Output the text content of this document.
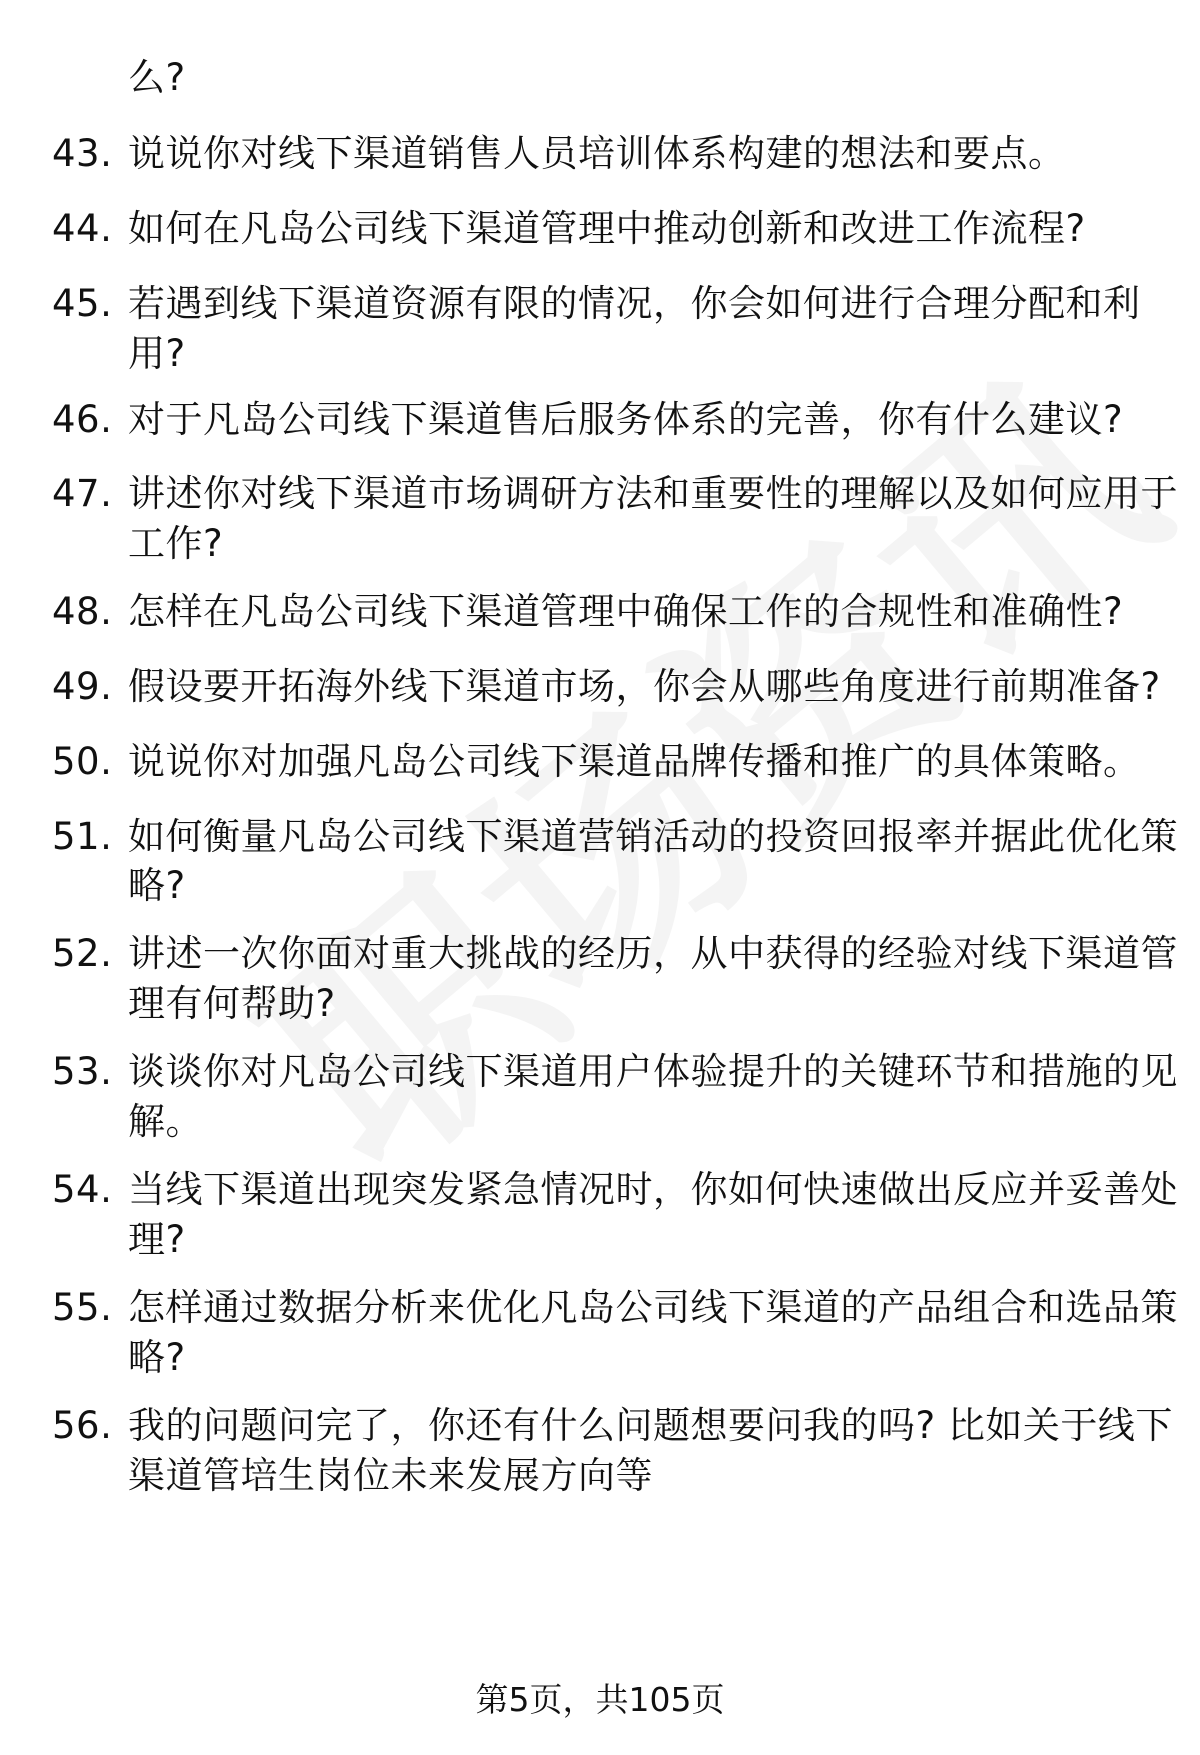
么?
43. 说说你对线下渠道销售人员培训体系构建的想法和要点。
44. 如何在凡岛公司线下渠道管理中推动创新和改进工作流程?
45. 若遇到线下渠道资源有限的情况，你会如何进行合理分配和利
用?
46. 对于凡岛公司线下渠道售后服务体系的完善，你有什么建议?
47. 讲述你对线下渠道市场调研方法和重要性的理解以及如何应用于
工作?
48. 怎样在凡岛公司线下渠道管理中确保工作的合规性和准确性?
49. 假设要开拓海外线下渠道市场，你会从哪些角度进行前期准备?
50. 说说你对加强凡岛公司线下渠道品牌传播和推广的具体策略。
51. 如何衡量凡岛公司线下渠道营销活动的投资回报率并据此优化策
略?
52. 讲述一次你面对重大挑战的经历，从中获得的经验对线下渠道管
理有何帮助?
53. 谈谈你对凡岛公司线下渠道用户体验提升的关键环节和措施的见
解。
54. 当线下渠道出现突发紧急情况时，你如何快速做出反应并妥善处
理?
55. 怎样通过数据分析来优化凡岛公司线下渠道的产品组合和选品策
略?
56. 我的问题问完了，你还有什么问题想要问我的吗? 比如关于线下
渠道管培生岗位未来发展方向等
第5页，共105页
